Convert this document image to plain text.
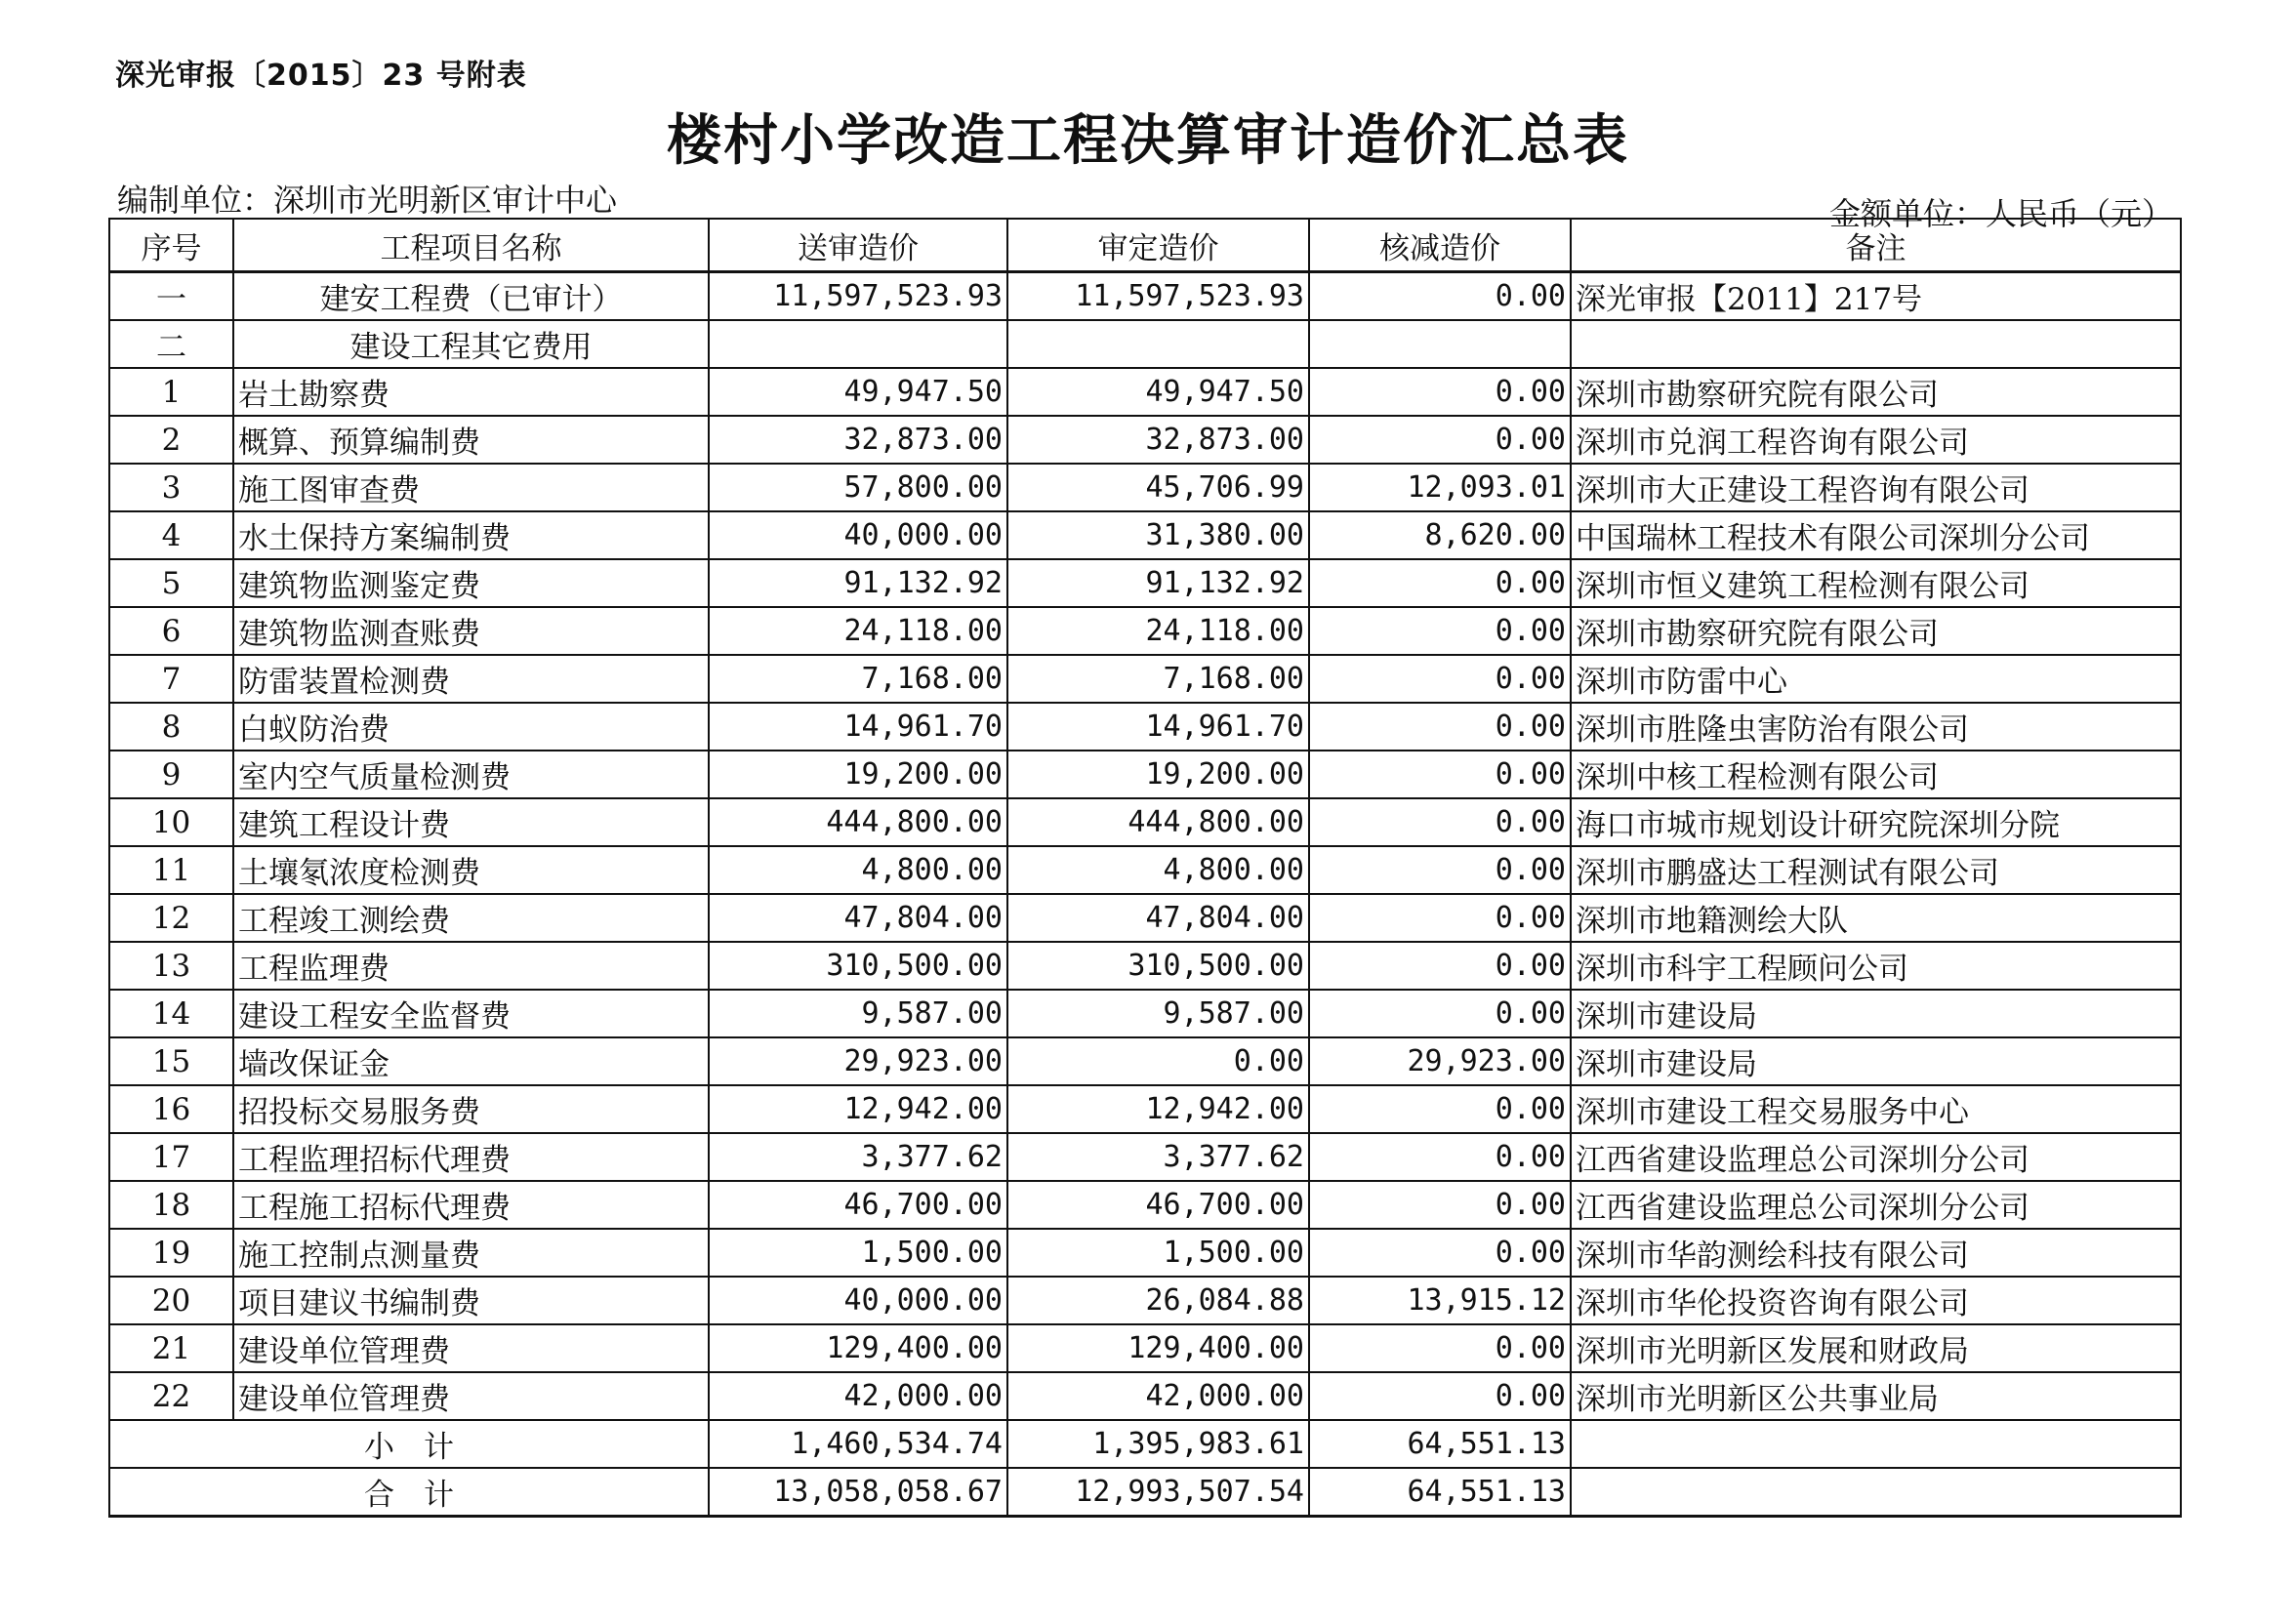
深光审报〔2015〕23 号附表
楼村小学改造工程决算审计造价汇总表
编制单位：深圳市光明新区审计中心	金额单位：人民币（元）
序号	工程项目名称	送审造价	审定造价	核减造价	备注
一	建安工程费（已审计）	11,597,523.93	11,597,523.93	0.00	深光审报【2011】217号
二	建设工程其它费用				
1	岩土勘察费	49,947.50	49,947.50	0.00	深圳市勘察研究院有限公司
2	概算、预算编制费	32,873.00	32,873.00	0.00	深圳市兑润工程咨询有限公司
3	施工图审查费	57,800.00	45,706.99	12,093.01	深圳市大正建设工程咨询有限公司
4	水土保持方案编制费	40,000.00	31,380.00	8,620.00	中国瑞林工程技术有限公司深圳分公司
5	建筑物监测鉴定费	91,132.92	91,132.92	0.00	深圳市恒义建筑工程检测有限公司
6	建筑物监测查账费	24,118.00	24,118.00	0.00	深圳市勘察研究院有限公司
7	防雷装置检测费	7,168.00	7,168.00	0.00	深圳市防雷中心
8	白蚁防治费	14,961.70	14,961.70	0.00	深圳市胜隆虫害防治有限公司
9	室内空气质量检测费	19,200.00	19,200.00	0.00	深圳中核工程检测有限公司
10	建筑工程设计费	444,800.00	444,800.00	0.00	海口市城市规划设计研究院深圳分院
11	土壤氡浓度检测费	4,800.00	4,800.00	0.00	深圳市鹏盛达工程测试有限公司
12	工程竣工测绘费	47,804.00	47,804.00	0.00	深圳市地籍测绘大队
13	工程监理费	310,500.00	310,500.00	0.00	深圳市科宇工程顾问公司
14	建设工程安全监督费	9,587.00	9,587.00	0.00	深圳市建设局
15	墙改保证金	29,923.00	0.00	29,923.00	深圳市建设局
16	招投标交易服务费	12,942.00	12,942.00	0.00	深圳市建设工程交易服务中心
17	工程监理招标代理费	3,377.62	3,377.62	0.00	江西省建设监理总公司深圳分公司
18	工程施工招标代理费	46,700.00	46,700.00	0.00	江西省建设监理总公司深圳分公司
19	施工控制点测量费	1,500.00	1,500.00	0.00	深圳市华韵测绘科技有限公司
20	项目建议书编制费	40,000.00	26,084.88	13,915.12	深圳市华伦投资咨询有限公司
21	建设单位管理费	129,400.00	129,400.00	0.00	深圳市光明新区发展和财政局
22	建设单位管理费	42,000.00	42,000.00	0.00	深圳市光明新区公共事业局
小计		1,460,534.74	1,395,983.61	64,551.13	
合计		13,058,058.67	12,993,507.54	64,551.13	
